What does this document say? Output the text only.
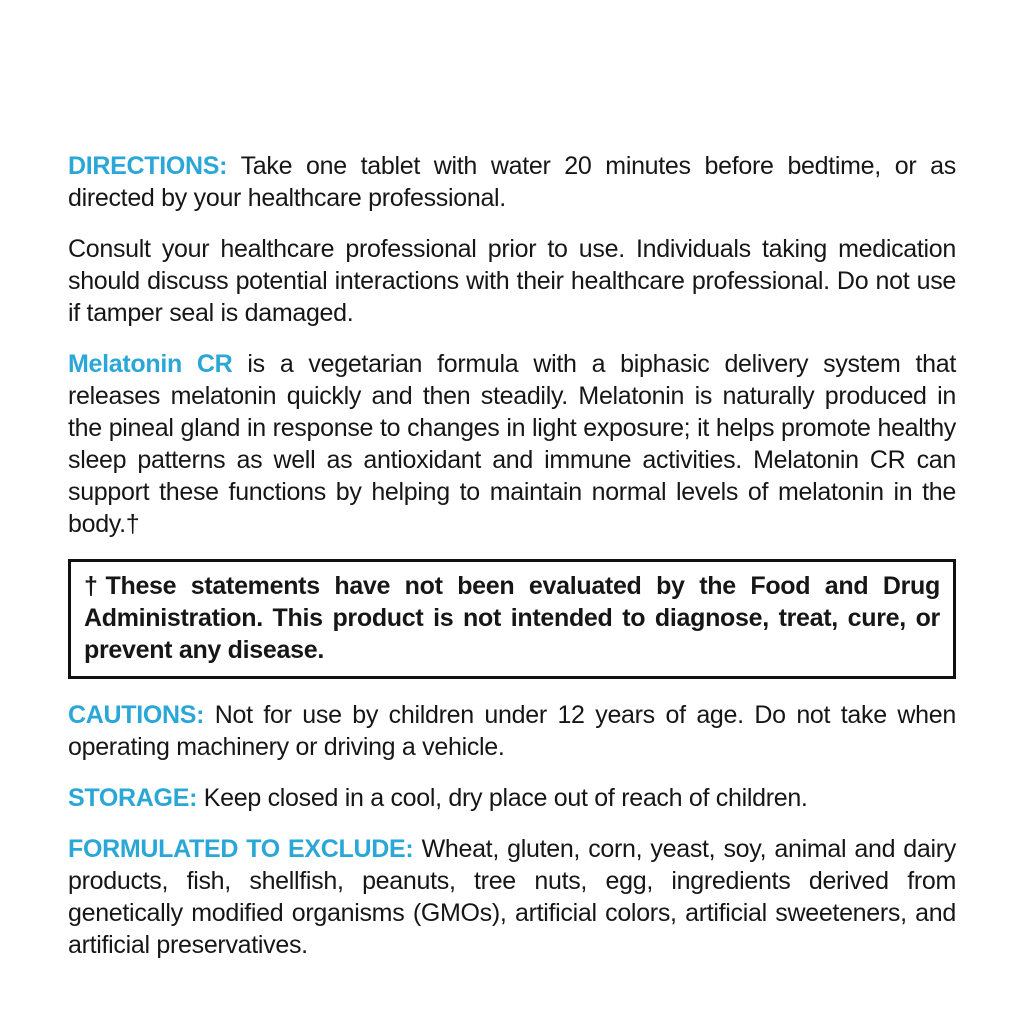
DIRECTIONS: Take one tablet with water 20 minutes before bedtime, or as directed by your healthcare professional.

Consult your healthcare professional prior to use. Individuals taking medication should discuss potential interactions with their healthcare professional. Do not use if tamper seal is damaged.

Melatonin CR is a vegetarian formula with a biphasic delivery system that releases melatonin quickly and then steadily. Melatonin is naturally produced in the pineal gland in response to changes in light exposure; it helps promote healthy sleep patterns as well as antioxidant and immune activities. Melatonin CR can support these functions by helping to maintain normal levels of melatonin in the body.†

†These statements have not been evaluated by the Food and Drug Administration. This product is not intended to diagnose, treat, cure, or prevent any disease.

CAUTIONS: Not for use by children under 12 years of age. Do not take when operating machinery or driving a vehicle.

STORAGE: Keep closed in a cool, dry place out of reach of children.

FORMULATED TO EXCLUDE: Wheat, gluten, corn, yeast, soy, animal and dairy products, fish, shellfish, peanuts, tree nuts, egg, ingredients derived from genetically modified organisms (GMOs), artificial colors, artificial sweeteners, and artificial preservatives.
